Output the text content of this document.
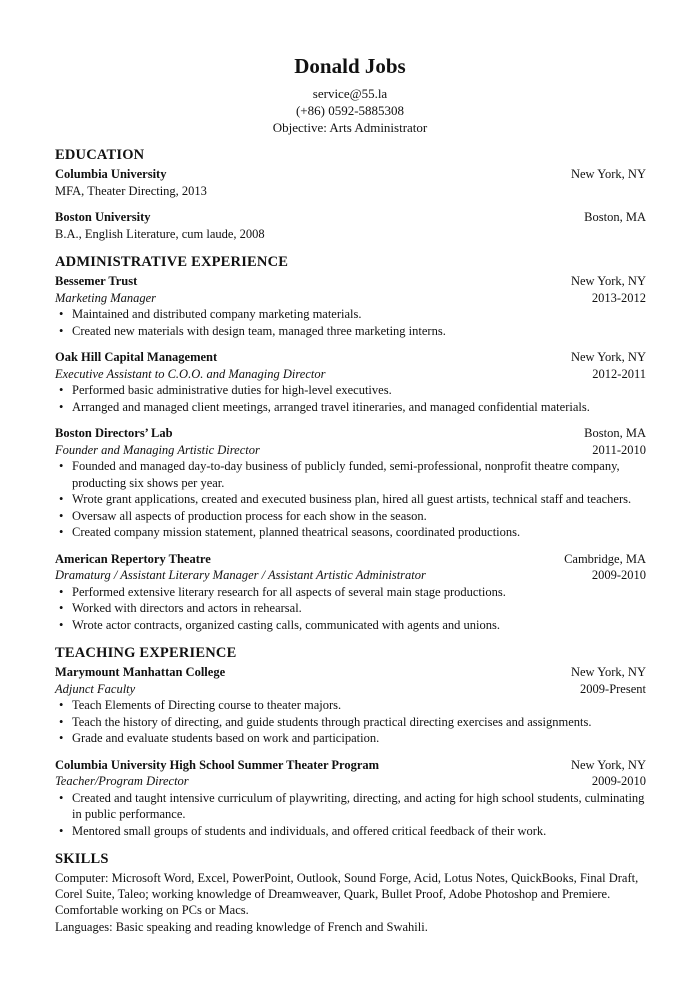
Donald Jobs
service@55.la
(+86) 0592-5885308
Objective: Arts Administrator
EDUCATION
Columbia University	New York, NY
MFA, Theater Directing, 2013
Boston University	Boston, MA
B.A., English Literature, cum laude, 2008
ADMINISTRATIVE EXPERIENCE
Bessemer Trust	New York, NY
Marketing Manager	2013-2012
• Maintained and distributed company marketing materials.
• Created new materials with design team, managed three marketing interns.
Oak Hill Capital Management	New York, NY
Executive Assistant to C.O.O. and Managing Director	2012-2011
• Performed basic administrative duties for high-level executives.
• Arranged and managed client meetings, arranged travel itineraries, and managed confidential materials.
Boston Directors’ Lab	Boston, MA
Founder and Managing Artistic Director	2011-2010
• Founded and managed day-to-day business of publicly funded, semi-professional, nonprofit theatre company, producting six shows per year.
• Wrote grant applications, created and executed business plan, hired all guest artists, technical staff and teachers.
• Oversaw all aspects of production process for each show in the season.
• Created company mission statement, planned theatrical seasons, coordinated productions.
American Repertory Theatre	Cambridge, MA
Dramaturg / Assistant Literary Manager / Assistant Artistic Administrator	2009-2010
• Performed extensive literary research for all aspects of several main stage productions.
• Worked with directors and actors in rehearsal.
• Wrote actor contracts, organized casting calls, communicated with agents and unions.
TEACHING EXPERIENCE
Marymount Manhattan College	New York, NY
Adjunct Faculty	2009-Present
• Teach Elements of Directing course to theater majors.
• Teach the history of directing, and guide students through practical directing exercises and assignments.
• Grade and evaluate students based on work and participation.
Columbia University High School Summer Theater Program	New York, NY
Teacher/Program Director	2009-2010
• Created and taught intensive curriculum of playwriting, directing, and acting for high school students, culminating in public performance.
• Mentored small groups of students and individuals, and offered critical feedback of their work.
SKILLS
Computer: Microsoft Word, Excel, PowerPoint, Outlook, Sound Forge, Acid, Lotus Notes, QuickBooks, Final Draft, Corel Suite, Taleo; working knowledge of Dreamweaver, Quark, Bullet Proof, Adobe Photoshop and Premiere. Comfortable working on PCs or Macs.
Languages: Basic speaking and reading knowledge of French and Swahili.
